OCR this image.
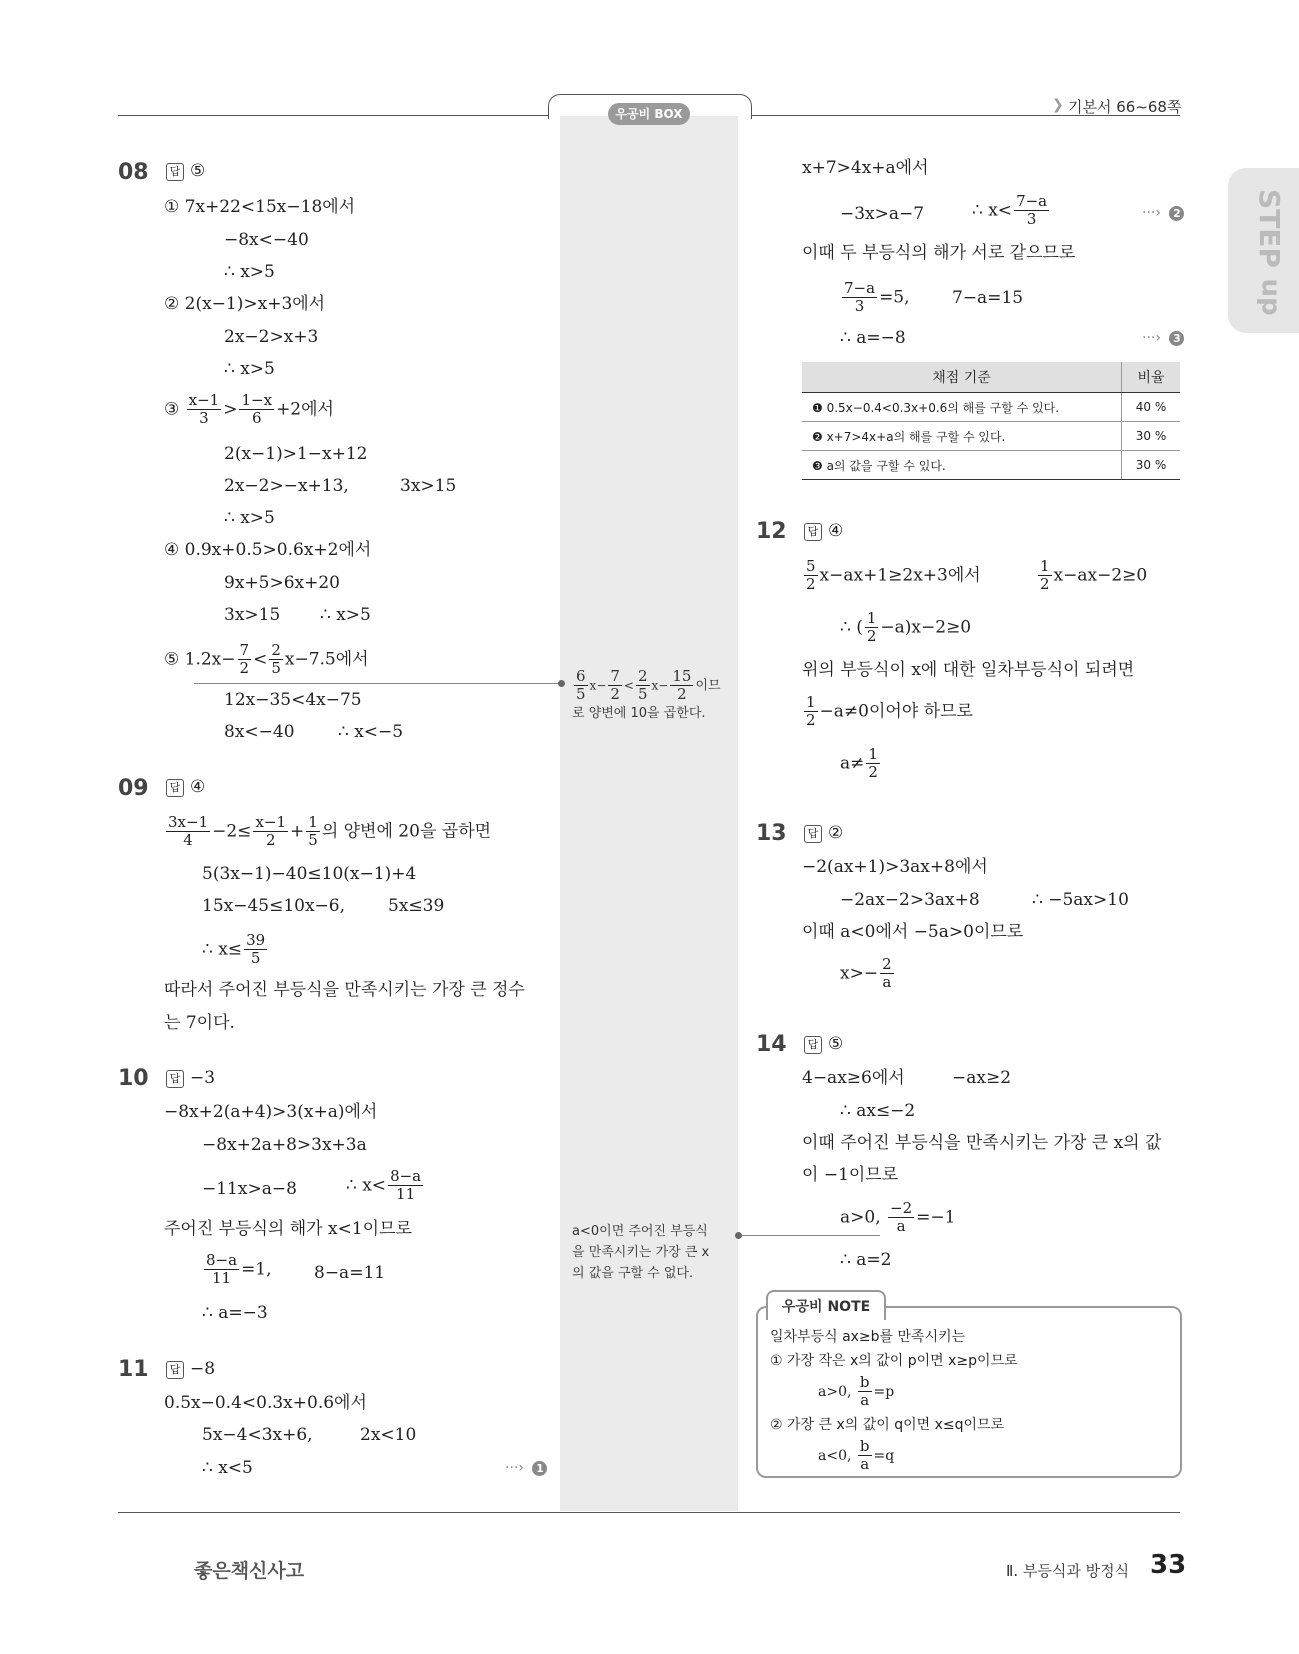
우공비 BOX
❯ 기본서 66~68쪽
STEP
up
08	답 ⑤
① 7x+22<15x−18에서
−8x<−40
∴ x>5
② 2(x−1)>x+3에서
2x−2>x+3
∴ x>5
③ $\frac{x-1}{3} > \frac{1-x}{6} +2$에서
2(x−1)>1−x+12
2x−2>−x+13,	3x>15
∴ x>5
④ 0.9x+0.5>0.6x+2에서
9x+5>6x+20
3x>15 ∴ x>5
⑤ $1.2x- \frac{7}{2} < \frac{2}{5} x-7.5$에서
12x−35<4x−75
8x<−40	∴ x<−5
$\frac{6}{5} x- \frac{7}{2} < \frac{2}{5} x- \frac{15}{2}$ 이므
로 양변에 10을 곱한다.
09	답 ④
$\frac{3x-1}{4} -2\le \frac{x-1}{2} + \frac{1}{5}$ 의 양변에 20을 곱하면
5(3x−1)−40≤10(x−1)+4
15x−45≤10x−6,	5x≤39
∴ $x\le \frac{39}{5}$
따라서 주어진 부등식을 만족시키는 가장 큰 정수
는 7이다.
10	답 −3
−8x+2(a+4)>3(x+a)에서
−8x+2a+8>3x+3a
−11x>a−8	∴ $x< \frac{8-a}{11}$
주어진 부등식의 해가 x<1이므로
$\frac{8-a}{11} =1$, 8−a=11
∴ a=−3
11	답 −8
0.5x−0.4<0.3x+0.6에서
5x−4<3x+6,	2x<10
∴ x<5	···› 1
x+7>4x+a에서
−3x>a−7	∴ $x< \frac{7-a}{3}$	···› 2
이때 두 부등식의 해가 서로 같으므로
$\frac{7-a}{3} =5$, 7−a=15
∴ a=−8	···› 3
채점 기준	비율
❶ 0.5x−0.4<0.3x+0.6의 해를 구할 수 있다.	40 %
❷ x+7>4x+a의 해를 구할 수 있다.	30 %
❸ a의 값을 구할 수 있다.	30 %
12	답 ④
$\frac{5}{2} x-ax+1\ge 2x+3$에서	$\frac{1}{2} x-ax-2\ge 0$
∴ ( $\frac{1}{2} -a)x-2\ge 0$
위의 부등식이 x에 대한 일차부등식이 되려면
$\frac{1}{2} -a\ne 0$이어야 하므로
$a\ne \frac{1}{2}$
13	답 ②
−2(ax+1)>3ax+8에서
−2ax−2>3ax+8	∴ −5ax>10
이때 a<0에서 −5a>0이므로
$x>- \frac{2}{a}$
14	답 ⑤
4−ax≥6에서	−ax≥2
∴ ax≤−2
이때 주어진 부등식을 만족시키는 가장 큰 x의 값
이 −1이므로
a>0, $\frac{-2}{a} =-1$
∴ a=2
a<0이면 주어진 부등식
을 만족시키는 가장 큰 x
의 값을 구할 수 없다.
우공비 NOTE
일차부등식 ax≥b를 만족시키는
① 가장 작은 x의 값이 p이면 x≥p이므로
a>0, $\frac{b}{a} =p$
② 가장 큰 x의 값이 q이면 x≤q이므로
a<0, $\frac{b}{a} =q$
좋은책신사고	Ⅱ. 부등식과 방정식 33
